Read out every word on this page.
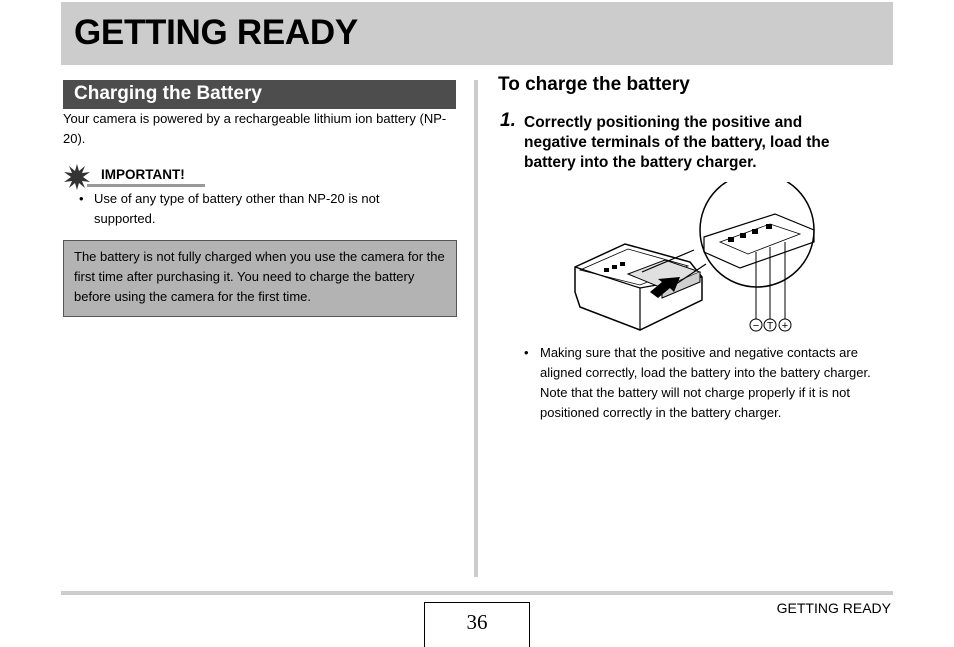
GETTING READY
Charging the Battery
Your camera is powered by a rechargeable lithium ion battery (NP-20).
IMPORTANT!
• Use of any type of battery other than NP-20 is not supported.

The battery is not fully charged when you use the camera for the first time after purchasing it. You need to charge the battery before using the camera for the first time.

To charge the battery
1. Correctly positioning the positive and negative terminals of the battery, load the battery into the battery charger.
− T +
• Making sure that the positive and negative contacts are aligned correctly, load the battery into the battery charger. Note that the battery will not charge properly if it is not positioned correctly in the battery charger.
36
GETTING READY
